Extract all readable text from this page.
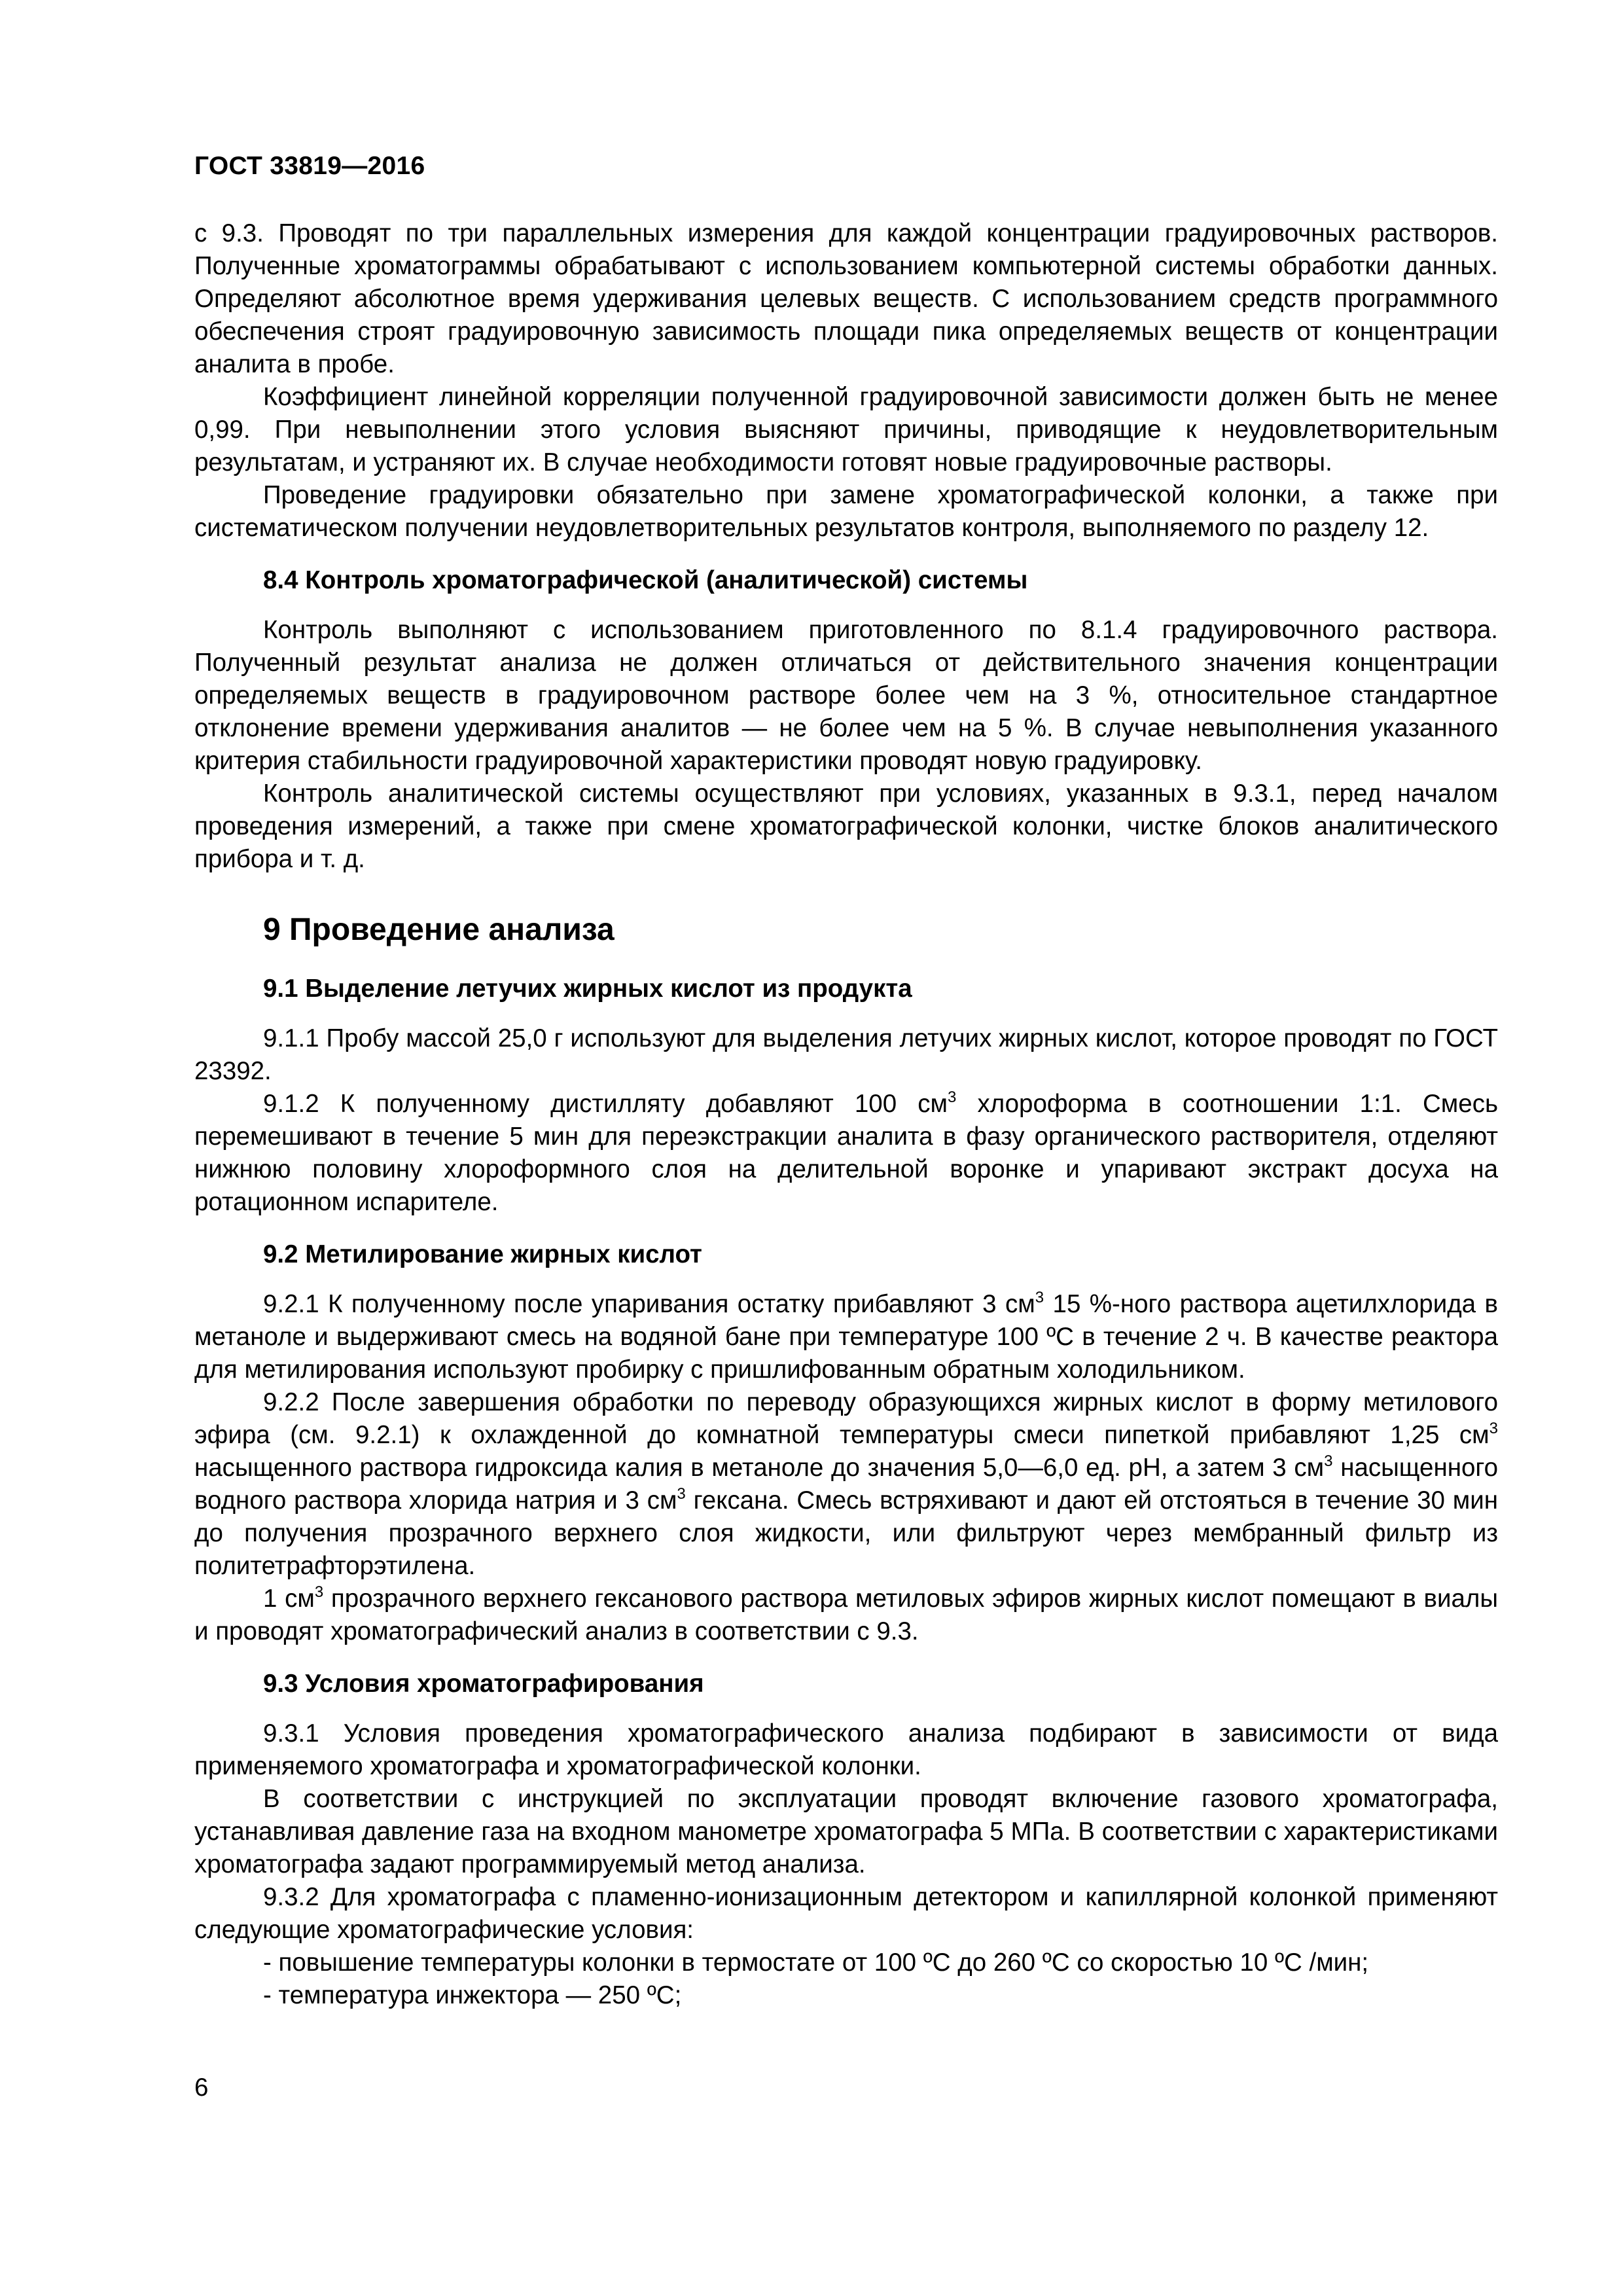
ГОСТ 33819—2016

с 9.3. Проводят по три параллельных измерения для каждой концентрации градуировочных растворов. Полученные хроматограммы обрабатывают с использованием компьютерной системы обработки данных. Определяют абсолютное время удерживания целевых веществ. С использованием средств программного обеспечения строят градуировочную зависимость площади пика определяемых веществ от концентрации аналита в пробе.

Коэффициент линейной корреляции полученной градуировочной зависимости должен быть не менее 0,99. При невыполнении этого условия выясняют причины, приводящие к неудовлетворительным результатам, и устраняют их. В случае необходимости готовят новые градуировочные растворы.

Проведение градуировки обязательно при замене хроматографической колонки, а также при систематическом получении неудовлетворительных результатов контроля, выполняемого по разделу 12.

8.4 Контроль хроматографической (аналитической) системы

Контроль выполняют с использованием приготовленного по 8.1.4 градуировочного раствора. Полученный результат анализа не должен отличаться от действительного значения концентрации определяемых веществ в градуировочном растворе более чем на 3 %, относительное стандартное отклонение времени удерживания аналитов — не более чем на 5 %. В случае невыполнения указанного критерия стабильности градуировочной характеристики проводят новую градуировку.

Контроль аналитической системы осуществляют при условиях, указанных в 9.3.1, перед началом проведения измерений, а также при смене хроматографической колонки, чистке блоков аналитического прибора и т. д.

9 Проведение анализа
9.1 Выделение летучих жирных кислот из продукта

9.1.1 Пробу массой 25,0 г используют для выделения летучих жирных кислот, которое проводят по ГОСТ 23392.

9.1.2 К полученному дистилляту добавляют 100 $см^3$ хлороформа в соотношении 1:1. Смесь перемешивают в течение 5 мин для переэкстракции аналита в фазу органического растворителя, отделяют нижнюю половину хлороформного слоя на делительной воронке и упаривают экстракт досуха на ротационном испарителе.

9.2 Метилирование жирных кислот

9.2.1 К полученному после упаривания остатку прибавляют 3 $см^3$ 15 %-ного раствора ацетилхлорида в метаноле и выдерживают смесь на водяной бане при температуре 100 ºС в течение 2 ч. В качестве реактора для метилирования используют пробирку с пришлифованным обратным холодильником.

9.2.2 После завершения обработки по переводу образующихся жирных кислот в форму метилового эфира (см. 9.2.1) к охлажденной до комнатной температуры смеси пипеткой прибавляют 1,25 $см^3$ насыщенного раствора гидроксида калия в метаноле до значения 5,0—6,0 ед. рН, а затем 3 $см^3$ насыщенного водного раствора хлорида натрия и 3 $см^3$ гексана. Смесь встряхивают и дают ей отстояться в течение 30 мин до получения прозрачного верхнего слоя жидкости, или фильтруют через мембранный фильтр из политетрафторэтилена.

1 $см^3$ прозрачного верхнего гексанового раствора метиловых эфиров жирных кислот помещают в виалы и проводят хроматографический анализ в соответствии с 9.3.

9.3 Условия хроматографирования

9.3.1 Условия проведения хроматографического анализа подбирают в зависимости от вида применяемого хроматографа и хроматографической колонки.

В соответствии с инструкцией по эксплуатации проводят включение газового хроматографа, устанавливая давление газа на входном манометре хроматографа 5 МПа. В соответствии с характеристиками хроматографа задают программируемый метод анализа.

9.3.2 Для хроматографа с пламенно-ионизационным детектором и капиллярной колонкой применяют следующие хроматографические условия:

- повышение температуры колонки в термостате от 100 ºС до 260 ºС со скоростью 10 ºС /мин;

- температура инжектора — 250 ºС;

6
